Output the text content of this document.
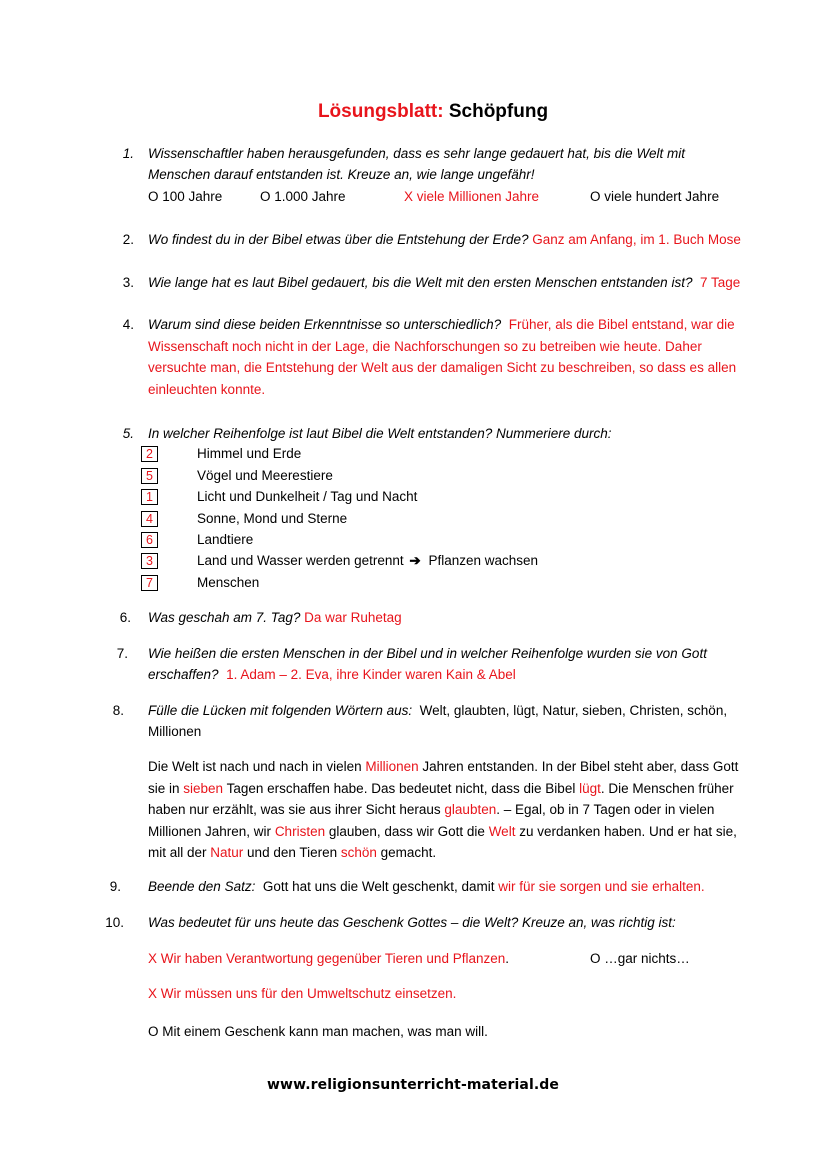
Lösungsblatt: Schöpfung
1. Wissenschaftler haben herausgefunden, dass es sehr lange gedauert hat, bis die Welt mit
Menschen darauf entstanden ist. Kreuze an, wie lange ungefähr!
O 100 Jahre	O 1.000 Jahre	X viele Millionen Jahre	O viele hundert Jahre
2. Wo findest du in der Bibel etwas über die Entstehung der Erde? Ganz am Anfang, im 1. Buch Mose
3. Wie lange hat es laut Bibel gedauert, bis die Welt mit den ersten Menschen entstanden ist? 7 Tage
4. Warum sind diese beiden Erkenntnisse so unterschiedlich? Früher, als die Bibel entstand, war die
Wissenschaft noch nicht in der Lage, die Nachforschungen so zu betreiben wie heute. Daher
versuchte man, die Entstehung der Welt aus der damaligen Sicht zu beschreiben, so dass es allen
einleuchten konnte.
5. In welcher Reihenfolge ist laut Bibel die Welt entstanden? Nummeriere durch:
2	Himmel und Erde
5	Vögel und Meerestiere
1	Licht und Dunkelheit / Tag und Nacht
4	Sonne, Mond und Sterne
6	Landtiere
3	Land und Wasser werden getrennt ➔ Pflanzen wachsen
7	Menschen
6. Was geschah am 7. Tag? Da war Ruhetag
7. Wie heißen die ersten Menschen in der Bibel und in welcher Reihenfolge wurden sie von Gott
erschaffen? 1. Adam – 2. Eva, ihre Kinder waren Kain & Abel
8. Fülle die Lücken mit folgenden Wörtern aus: Welt, glaubten, lügt, Natur, sieben, Christen, schön,
Millionen
Die Welt ist nach und nach in vielen Millionen Jahren entstanden. In der Bibel steht aber, dass Gott
sie in sieben Tagen erschaffen habe. Das bedeutet nicht, dass die Bibel lügt. Die Menschen früher
haben nur erzählt, was sie aus ihrer Sicht heraus glaubten. – Egal, ob in 7 Tagen oder in vielen
Millionen Jahren, wir Christen glauben, dass wir Gott die Welt zu verdanken haben. Und er hat sie,
mit all der Natur und den Tieren schön gemacht.
9. Beende den Satz: Gott hat uns die Welt geschenkt, damit wir für sie sorgen und sie erhalten.
10. Was bedeutet für uns heute das Geschenk Gottes – die Welt? Kreuze an, was richtig ist:
X Wir haben Verantwortung gegenüber Tieren und Pflanzen.	O …gar nichts…
X Wir müssen uns für den Umweltschutz einsetzen.
O Mit einem Geschenk kann man machen, was man will.
www.religionsunterricht-material.de
